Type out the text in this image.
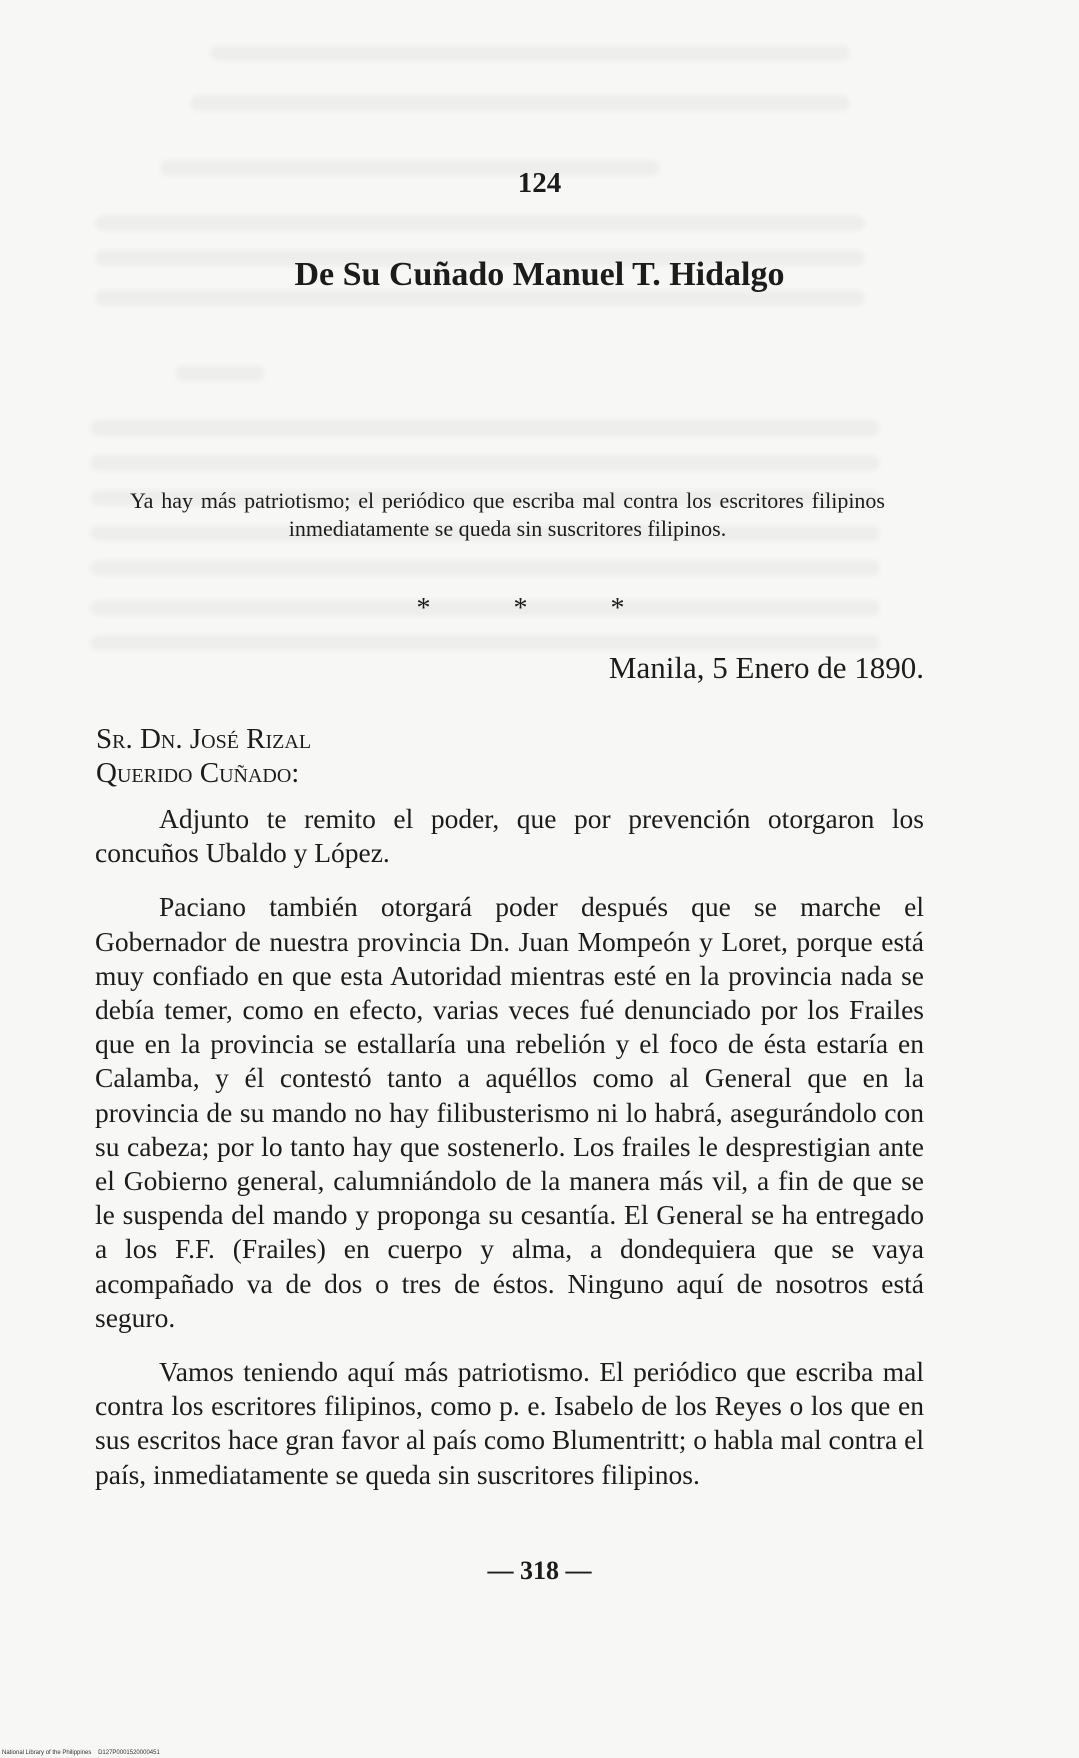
124
De Su Cuñado Manuel T. Hidalgo
Ya hay más patriotismo; el periódico que escriba mal contra los escritores filipinos inmediatamente se queda sin suscritores filipinos.
* * *
Manila, 5 Enero de 1890.
Sr. Dn. José Rizal
Querido Cuñado:

Adjunto te remito el poder, que por prevención otorgaron los concuños Ubaldo y López.

Paciano también otorgará poder después que se marche el Gobernador de nuestra provincia Dn. Juan Mompeón y Loret, porque está muy confiado en que esta Autoridad mientras esté en la provincia nada se debía temer, como en efecto, varias veces fué denunciado por los Frailes que en la provincia se estallaría una rebelión y el foco de ésta estaría en Calamba, y él contestó tanto a aquéllos como al General que en la provincia de su mando no hay filibusterismo ni lo habrá, asegurándolo con su cabeza; por lo tanto hay que sostenerlo. Los frailes le desprestigian ante el Gobierno general, calumniándolo de la manera más vil, a fin de que se le suspenda del mando y proponga su cesantía. El General se ha entregado a los F.F. (Frailes) en cuerpo y alma, a dondequiera que se vaya acompañado va de dos o tres de éstos. Ninguno aquí de nosotros está seguro.

Vamos teniendo aquí más patriotismo. El periódico que escriba mal contra los escritores filipinos, como p. e. Isabelo de los Reyes o los que en sus escritos hace gran favor al país como Blumentritt; o habla mal contra el país, inmediatamente se queda sin suscritores filipinos.

— 318 —
National Library of the Philippines D127P0001520000451
